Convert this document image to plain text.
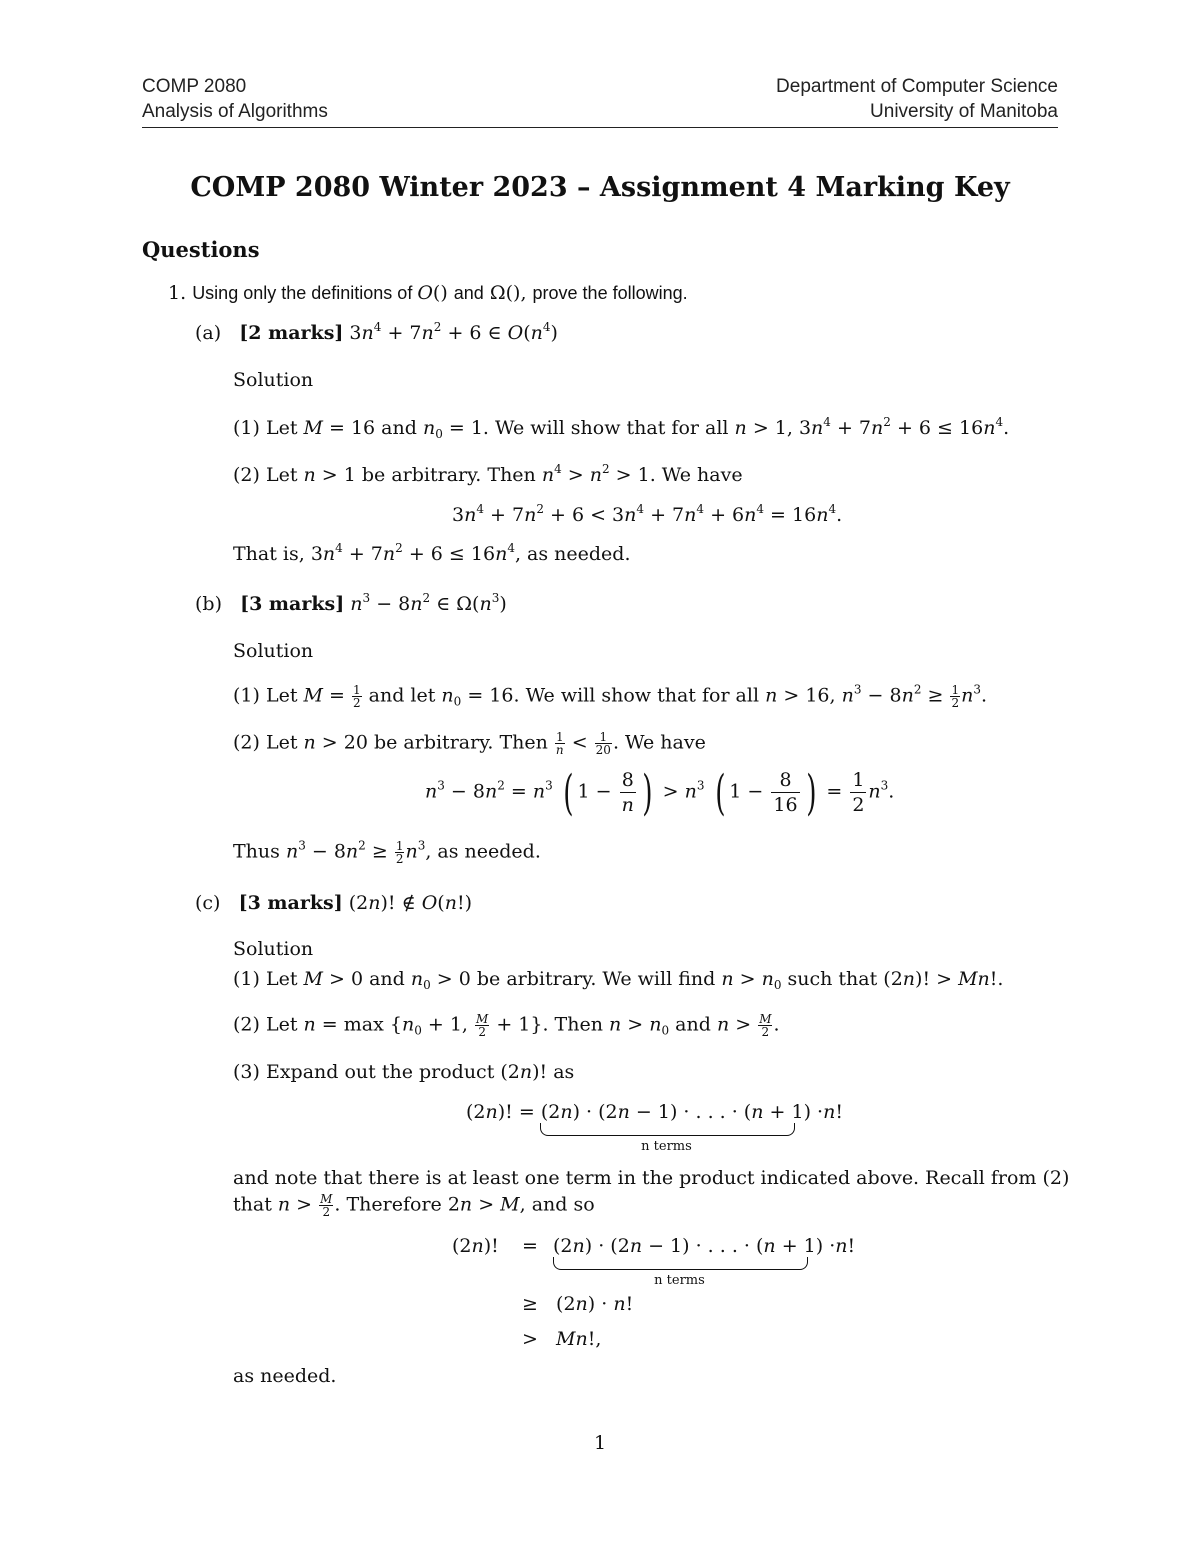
COMP 2080
Analysis of Algorithms
Department of Computer Science
University of Manitoba
COMP 2080 Winter 2023 – Assignment 4 Marking Key
Questions
1. Using only the definitions of O() and Ω(), prove the following.
(a)   [2 marks] $3n^4 + 7n^2 + 6$ ∈ $O(n^4)$
Solution
(1) Let M = 16 and $n_0 = 1$. We will show that for all n > 1, $3n^4 + 7n^2 + 6 \le 16n^4$.
(2) Let n > 1 be arbitrary. Then $n^4 > n^2 > 1$. We have
$3n^4 + 7n^2 + 6 < 3n^4 + 7n^4 + 6n^4 = 16n^4$.
That is, $3n^4 + 7n^2 + 6 \le 16n^4$, as needed.
(b)   [3 marks] $n^3 - 8n^2$ ∈ $\Omega(n^3)$
Solution
(1) Let $M = \frac{1}{2}$ and let $n_0 = 16$. We will show that for all n > 16, $n^3 - 8n^2 \ge \frac{1}{2} n^3$.
(2) Let n > 20 be arbitrary. Then $\frac{1}{n} < \frac{1}{20}$ . We have
$n^3 - 8n^2 = n^3$ ( $1 - \frac{8}{n}$ ) > $n^3$ ( $1 - \frac{8}{16}$ ) = $\frac{1}{2} n^3$.
Thus $n^3 - 8n^2 \ge \frac{1}{2} n^3$, as needed.
(c)   [3 marks] (2n)! ∉ O(n!)
Solution
(1) Let M > 0 and $n_0 > 0$ be arbitrary. We will find $n > n_0$ such that (2n)! > Mn!.
(2) Let $n = \max \{n_0 + 1$, $\frac{M}{2} + 1$}. Then $n > n_0$ and $n > \frac{M}{2}$ .
(3) Expand out the product (2n)! as
(2n)! = (2n) · (2n − 1) · . . . · (n + 1) ·n!
n terms
and note that there is at least one term in the product indicated above. Recall from (2)
that $n > \frac{M}{2}$ . Therefore 2n > M, and so
(2n)! = (2n) · (2n − 1) · . . . · (n + 1) ·n!
n terms
≥   (2n) · n!
>   Mn!,
as needed.
1
